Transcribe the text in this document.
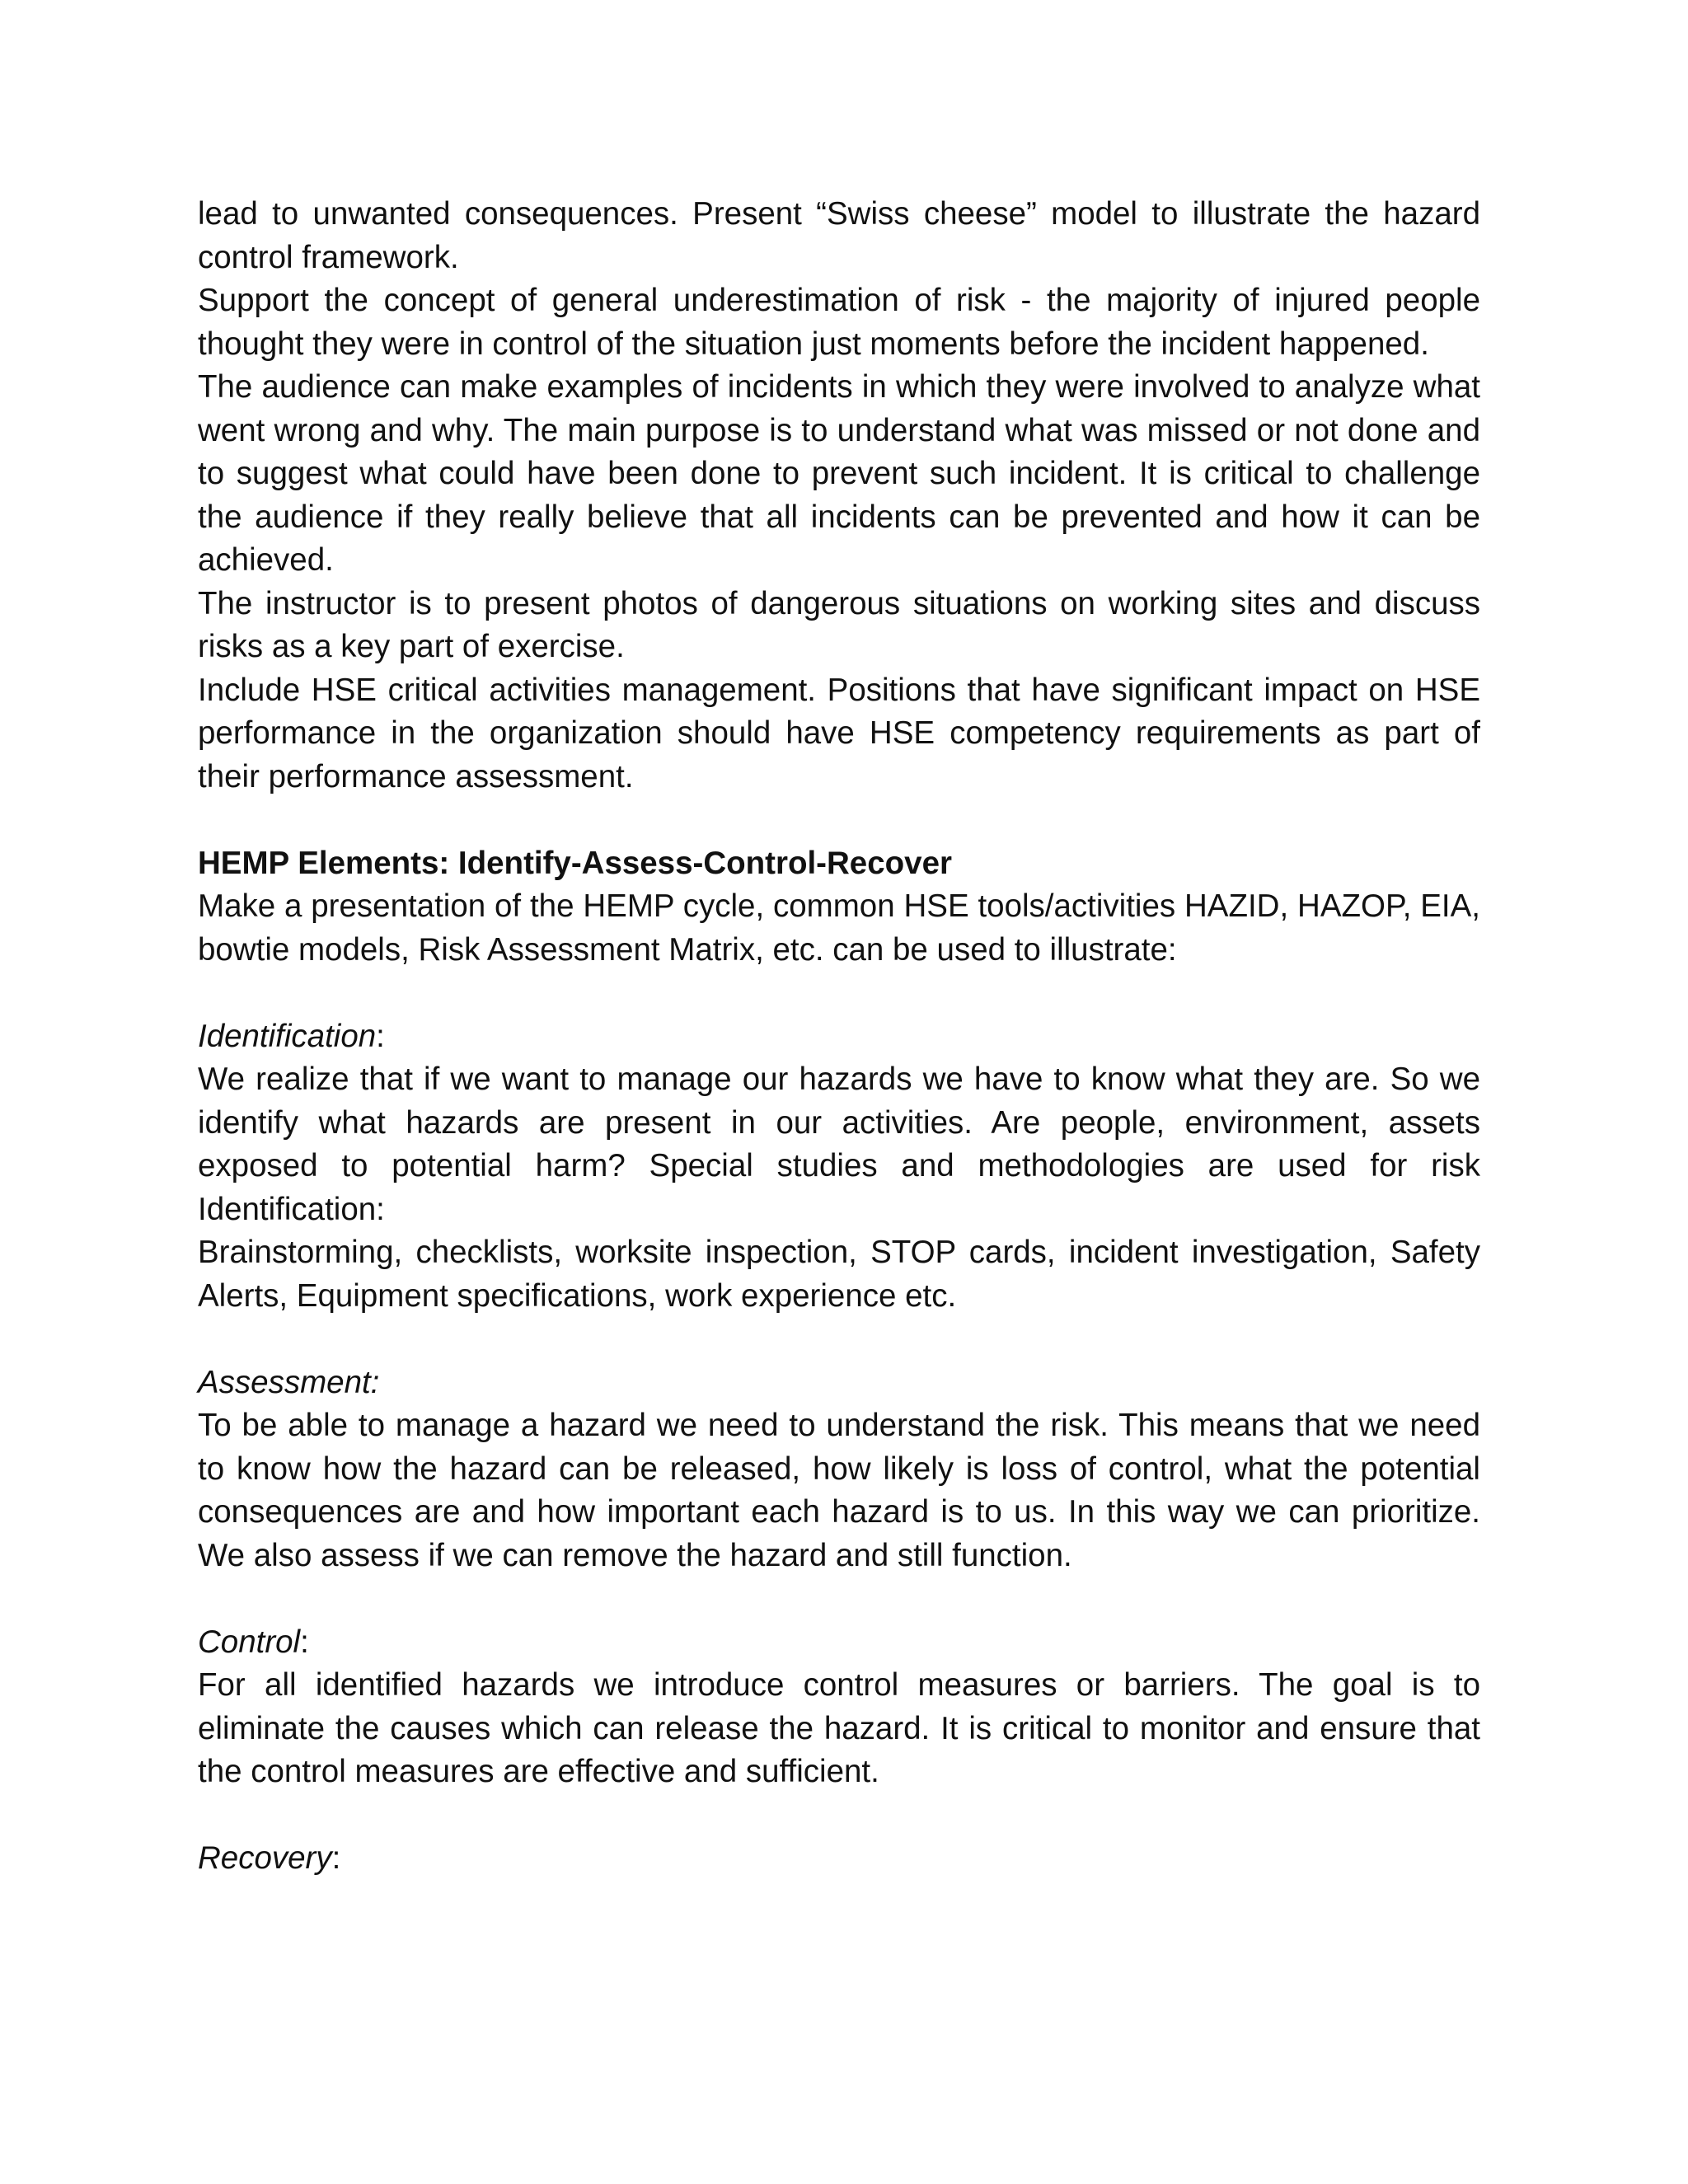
lead to unwanted consequences. Present “Swiss cheese” model to illustrate the hazard control framework.

Support the concept of general underestimation of risk - the majority of injured people thought they were in control of the situation just moments before the incident happened.

The audience can make examples of incidents in which they were involved to analyze what went wrong and why. The main purpose is to understand what was missed or not done and to suggest what could have been done to prevent such incident. It is critical to challenge the audience if they really believe that all incidents can be prevented and how it can be achieved.

The instructor is to present photos of dangerous situations on working sites and discuss risks as a key part of exercise.

Include HSE critical activities management. Positions that have significant impact on HSE performance in the organization should have HSE competency requirements as part of their performance assessment.

HEMP Elements: Identify-Assess-Control-Recover

Make a presentation of the HEMP cycle, common HSE tools/activities HAZID, HAZOP, EIA, bowtie models, Risk Assessment Matrix, etc. can be used to illustrate:

Identification:

We realize that if we want to manage our hazards we have to know what they are. So we identify what hazards are present in our activities. Are people, environment, assets exposed to potential harm? Special studies and methodologies are used for risk Identification:

Brainstorming, checklists, worksite inspection, STOP cards, incident investigation, Safety Alerts, Equipment specifications, work experience etc.

Assessment:

To be able to manage a hazard we need to understand the risk. This means that we need to know how the hazard can be released, how likely is loss of control, what the potential consequences are and how important each hazard is to us. In this way we can prioritize. We also assess if we can remove the hazard and still function.

Control:

For all identified hazards we introduce control measures or barriers. The goal is to eliminate the causes which can release the hazard. It is critical to monitor and ensure that the control measures are effective and sufficient.

Recovery:
